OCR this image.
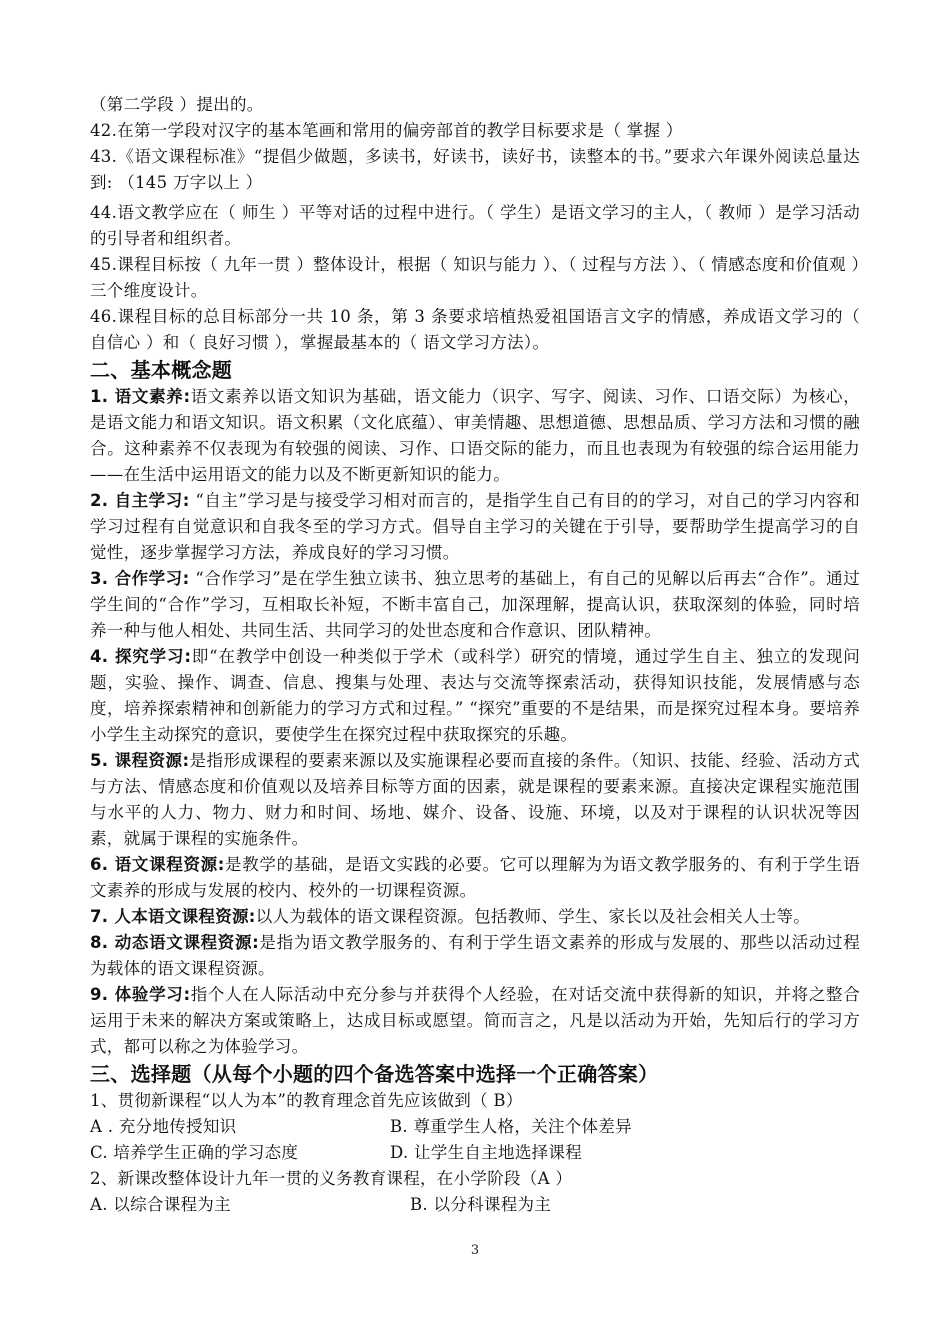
（第二学段 ）提出的。

42.在第一学段对汉字的基本笔画和常用的偏旁部首的教学目标要求是（ 掌握 ）

43.《语文课程标准》“提倡少做题，多读书，好读书，读好书，读整本的书。”要求六年课外阅读总量达到: （145 万字以上 ）

44.语文教学应在（ 师生 ）平等对话的过程中进行。（ 学生）是语文学习的主人，（ 教师 ）是学习活动的引导者和组织者。

45.课程目标按（ 九年一贯 ）整体设计，根据（ 知识与能力 ）、（ 过程与方法 ）、（ 情感态度和价值观 ）三个维度设计。

46.课程目标的总目标部分一共 10 条，第 3 条要求培植热爱祖国语言文字的情感，养成语文学习的（ 自信心 ）和（ 良好习惯 ），掌握最基本的（ 语文学习方法）。

二、基本概念题

1. 语文素养:语文素养以语文知识为基础，语文能力（识字、写字、阅读、习作、口语交际）为核心，是语文能力和语文知识。语文积累（文化底蕴）、审美情趣、思想道德、思想品质、学习方法和习惯的融合。这种素养不仅表现为有较强的阅读、习作、口语交际的能力，而且也表现为有较强的综合运用能力——在生活中运用语文的能力以及不断更新知识的能力。

2. 自主学习: “自主”学习是与接受学习相对而言的，是指学生自己有目的的学习，对自己的学习内容和学习过程有自觉意识和自我冬至的学习方式。倡导自主学习的关键在于引导，要帮助学生提高学习的自觉性，逐步掌握学习方法，养成良好的学习习惯。

3. 合作学习: “合作学习”是在学生独立读书、独立思考的基础上，有自己的见解以后再去“合作”。通过学生间的“合作”学习，互相取长补短，不断丰富自己，加深理解，提高认识，获取深刻的体验，同时培养一种与他人相处、共同生活、共同学习的处世态度和合作意识、团队精神。

4. 探究学习:即“在教学中创设一种类似于学术（或科学）研究的情境，通过学生自主、独立的发现问题，实验、操作、调查、信息、搜集与处理、表达与交流等探索活动，获得知识技能，发展情感与态度，培养探索精神和创新能力的学习方式和过程。” “探究”重要的不是结果，而是探究过程本身。要培养小学生主动探究的意识，要使学生在探究过程中获取探究的乐趣。

5. 课程资源:是指形成课程的要素来源以及实施课程必要而直接的条件。（知识、技能、经验、活动方式与方法、情感态度和价值观以及培养目标等方面的因素，就是课程的要素来源。直接决定课程实施范围与水平的人力、物力、财力和时间、场地、媒介、设备、设施、环境，以及对于课程的认识状况等因素，就属于课程的实施条件。

6. 语文课程资源:是教学的基础，是语文实践的必要。它可以理解为为语文教学服务的、有利于学生语文素养的形成与发展的校内、校外的一切课程资源。

7. 人本语文课程资源:以人为载体的语文课程资源。包括教师、学生、家长以及社会相关人士等。

8. 动态语文课程资源:是指为语文教学服务的、有利于学生语文素养的形成与发展的、那些以活动过程为载体的语文课程资源。

9. 体验学习:指个人在人际活动中充分参与并获得个人经验，在对话交流中获得新的知识，并将之整合运用于未来的解决方案或策略上，达成目标或愿望。简而言之，凡是以活动为开始，先知后行的学习方式，都可以称之为体验学习。

三、选择题（从每个小题的四个备选答案中选择一个正确答案）

1、贯彻新课程“以人为本”的教育理念首先应该做到（ B）

A . 充分地传授知识	B. 尊重学生人格，关注个体差异
C. 培养学生正确的学习态度	D. 让学生自主地选择课程

2、新课改整体设计九年一贯的义务教育课程，在小学阶段（A ）

A. 以综合课程为主	B. 以分科课程为主
3
